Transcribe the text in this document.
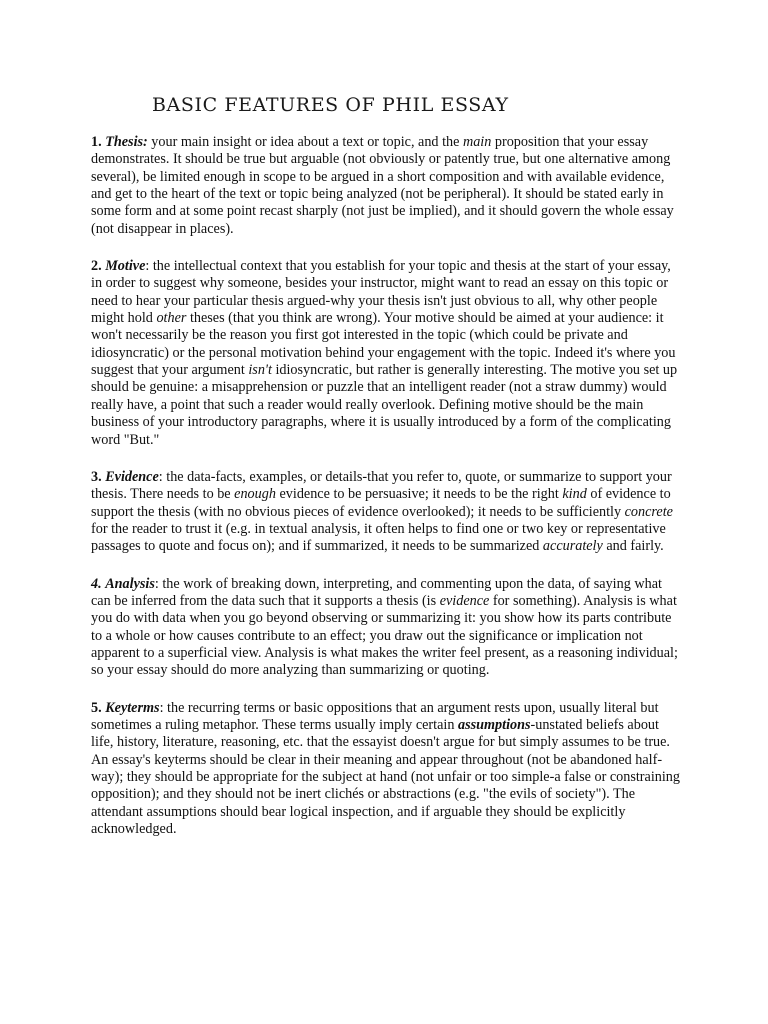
BASIC FEATURES OF PHIL ESSAY

1. Thesis: your main insight or idea about a text or topic, and the main proposition that your essay demonstrates. It should be true but arguable (not obviously or patently true, but one alternative among several), be limited enough in scope to be argued in a short composition and with available evidence, and get to the heart of the text or topic being analyzed (not be peripheral). It should be stated early in some form and at some point recast sharply (not just be implied), and it should govern the whole essay (not disappear in places).

2. Motive: the intellectual context that you establish for your topic and thesis at the start of your essay, in order to suggest why someone, besides your instructor, might want to read an essay on this topic or need to hear your particular thesis argued-why your thesis isn't just obvious to all, why other people might hold other theses (that you think are wrong). Your motive should be aimed at your audience: it won't necessarily be the reason you first got interested in the topic (which could be private and idiosyncratic) or the personal motivation behind your engagement with the topic. Indeed it's where you suggest that your argument isn't idiosyncratic, but rather is generally interesting. The motive you set up should be genuine: a misapprehension or puzzle that an intelligent reader (not a straw dummy) would really have, a point that such a reader would really overlook. Defining motive should be the main business of your introductory paragraphs, where it is usually introduced by a form of the complicating word "But."

3. Evidence: the data-facts, examples, or details-that you refer to, quote, or summarize to support your thesis. There needs to be enough evidence to be persuasive; it needs to be the right kind of evidence to support the thesis (with no obvious pieces of evidence overlooked); it needs to be sufficiently concrete for the reader to trust it (e.g. in textual analysis, it often helps to find one or two key or representative passages to quote and focus on); and if summarized, it needs to be summarized accurately and fairly.

4. Analysis: the work of breaking down, interpreting, and commenting upon the data, of saying what can be inferred from the data such that it supports a thesis (is evidence for something). Analysis is what you do with data when you go beyond observing or summarizing it: you show how its parts contribute to a whole or how causes contribute to an effect; you draw out the significance or implication not apparent to a superficial view. Analysis is what makes the writer feel present, as a reasoning individual; so your essay should do more analyzing than summarizing or quoting.

5. Keyterms: the recurring terms or basic oppositions that an argument rests upon, usually literal but sometimes a ruling metaphor. These terms usually imply certain assumptions-unstated beliefs about life, history, literature, reasoning, etc. that the essayist doesn't argue for but simply assumes to be true. An essay's keyterms should be clear in their meaning and appear throughout (not be abandoned half-way); they should be appropriate for the subject at hand (not unfair or too simple-a false or constraining opposition); and they should not be inert clichés or abstractions (e.g. "the evils of society"). The attendant assumptions should bear logical inspection, and if arguable they should be explicitly acknowledged.
